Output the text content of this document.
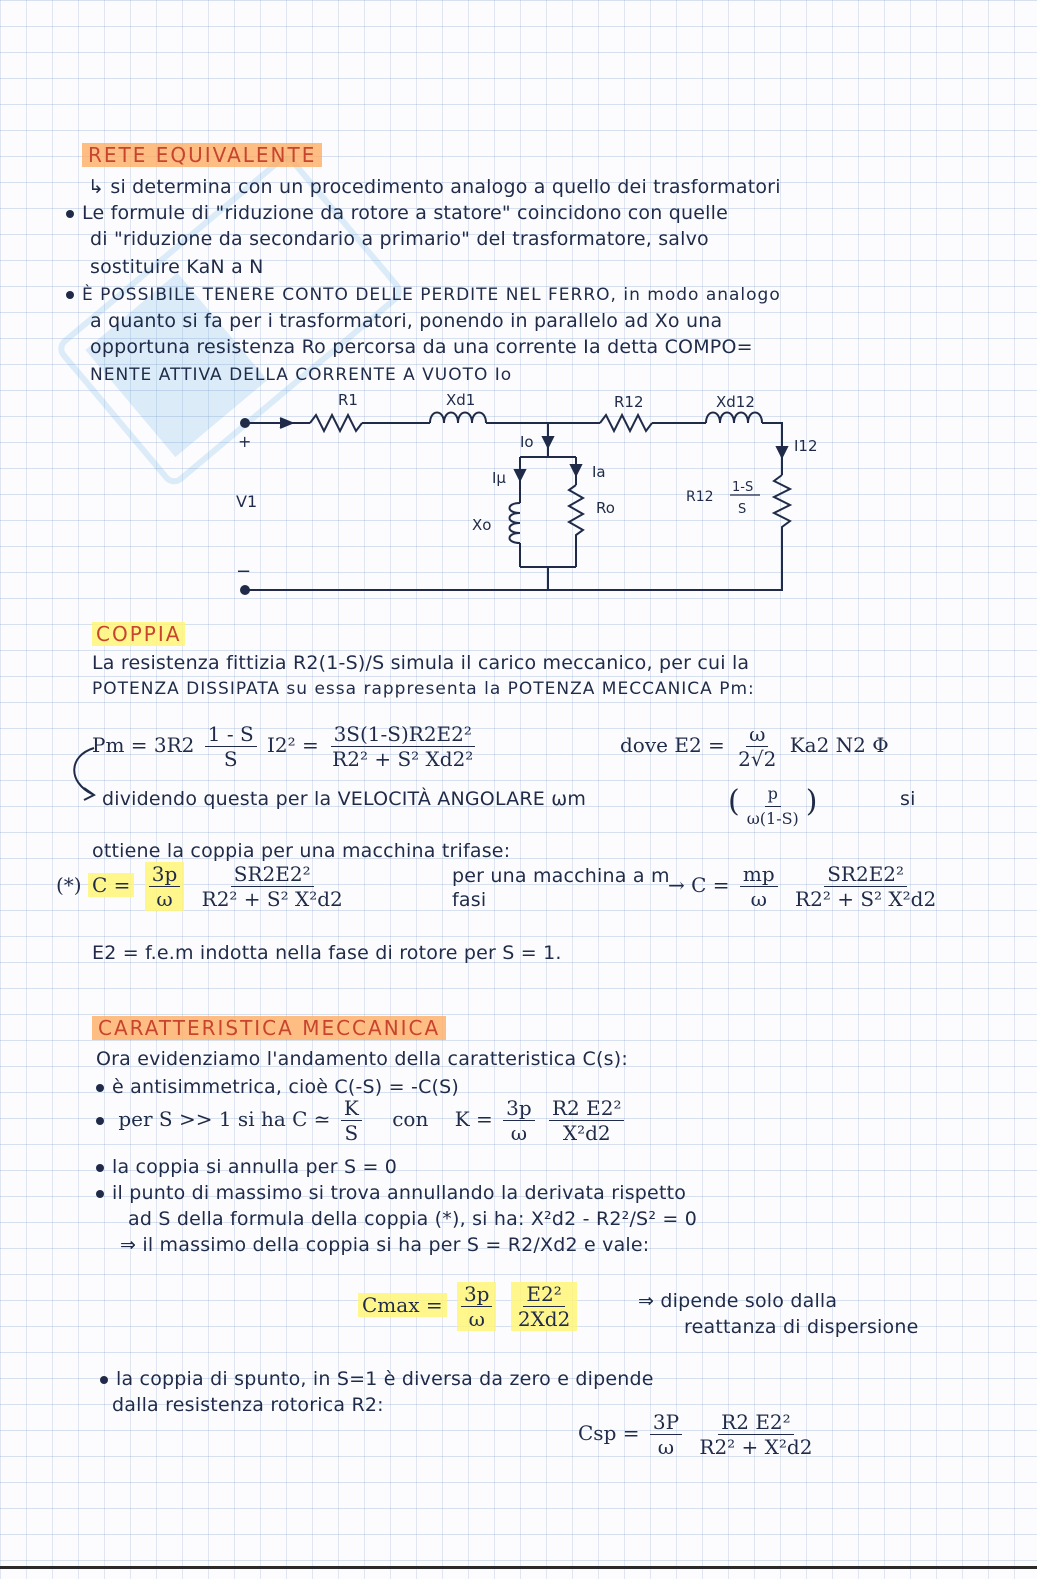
RETE EQUIVALENTE
↳ si determina con un procedimento analogo a quello dei trasformatori
Le formule di "riduzione da rotore a statore" coincidono con quelle
di "riduzione da secondario a primario" del trasformatore, salvo
sostituire KaN a N
È POSSIBILE TENERE CONTO DELLE PERDITE NEL FERRO, in modo analogo
a quanto si fa per i trasformatori, ponendo in parallelo ad Xo una
opportuna resistenza Ro percorsa da una corrente Ia detta COMPO=
NENTE ATTIVA DELLA CORRENTE A VUOTO Io
R1	Xd1	R12	Xd12
Io
Ia
Iμ
I12
Ro
Xo
V1
+
−
R12
1-S
S
COPPIA
La resistenza fittizia R2(1-S)/S simula il carico meccanico, per cui la
POTENZA DISSIPATA su essa rappresenta la POTENZA MECCANICA Pm:
$Pm = 3R2 \frac{1 - S}{S} I2^2 = \frac{\text{3S(1-S)R2E2²}}{\text{R2² + S² Xd2²}}$	dove $E2 = \frac{\omega}{2√2} Ka2$ N2 Φ
dividendo questa per la VELOCITÀ ANGOLARE ωm	( $\frac{p}{\omega(1-S)}$ )	si
ottiene la coppia per una macchina trifase:
(*) $C = \frac{3p}{\omega}$
$\frac{\text{SR2E2²}}{\text{R2² + S² X²d2}}$	per una macchina a m fasi
→ $C = \frac{mp}{\omega}$
$\frac{\text{SR2E2²}}{\text{R2² + S² X²d2}}$
E2 = f.e.m indotta nella fase di rotore per S = 1.
CARATTERISTICA MECCANICA
Ora evidenziamo l'andamento della caratteristica C(s):
è antisimmetrica, cioè C(-S) = -C(S)
per S >> 1 si ha C ≃ $\frac{K}{S}$ con $K = \frac{3p}{\omega}$
$\frac{\text{R2 E2²}}{\text{X²d2}}$
la coppia si annulla per S = 0
il punto di massimo si trova annullando la derivata rispetto
ad S della formula della coppia (*), si ha: X²d2 - R2²/S² = 0
⇒ il massimo della coppia si ha per S = R2/Xd2 e vale:
$Cmax = \frac{3p}{\omega}$
$\frac{\text{E2²}}{2Xd2}$	⇒ dipende solo dalla
reattanza di dispersione
la coppia di spunto, in S=1 è diversa da zero e dipende
dalla resistenza rotorica R2:
Csp = $\frac{3P}{\omega}$
$\frac{\text{R2 E2²}}{\text{R2² + X²d2}}$
